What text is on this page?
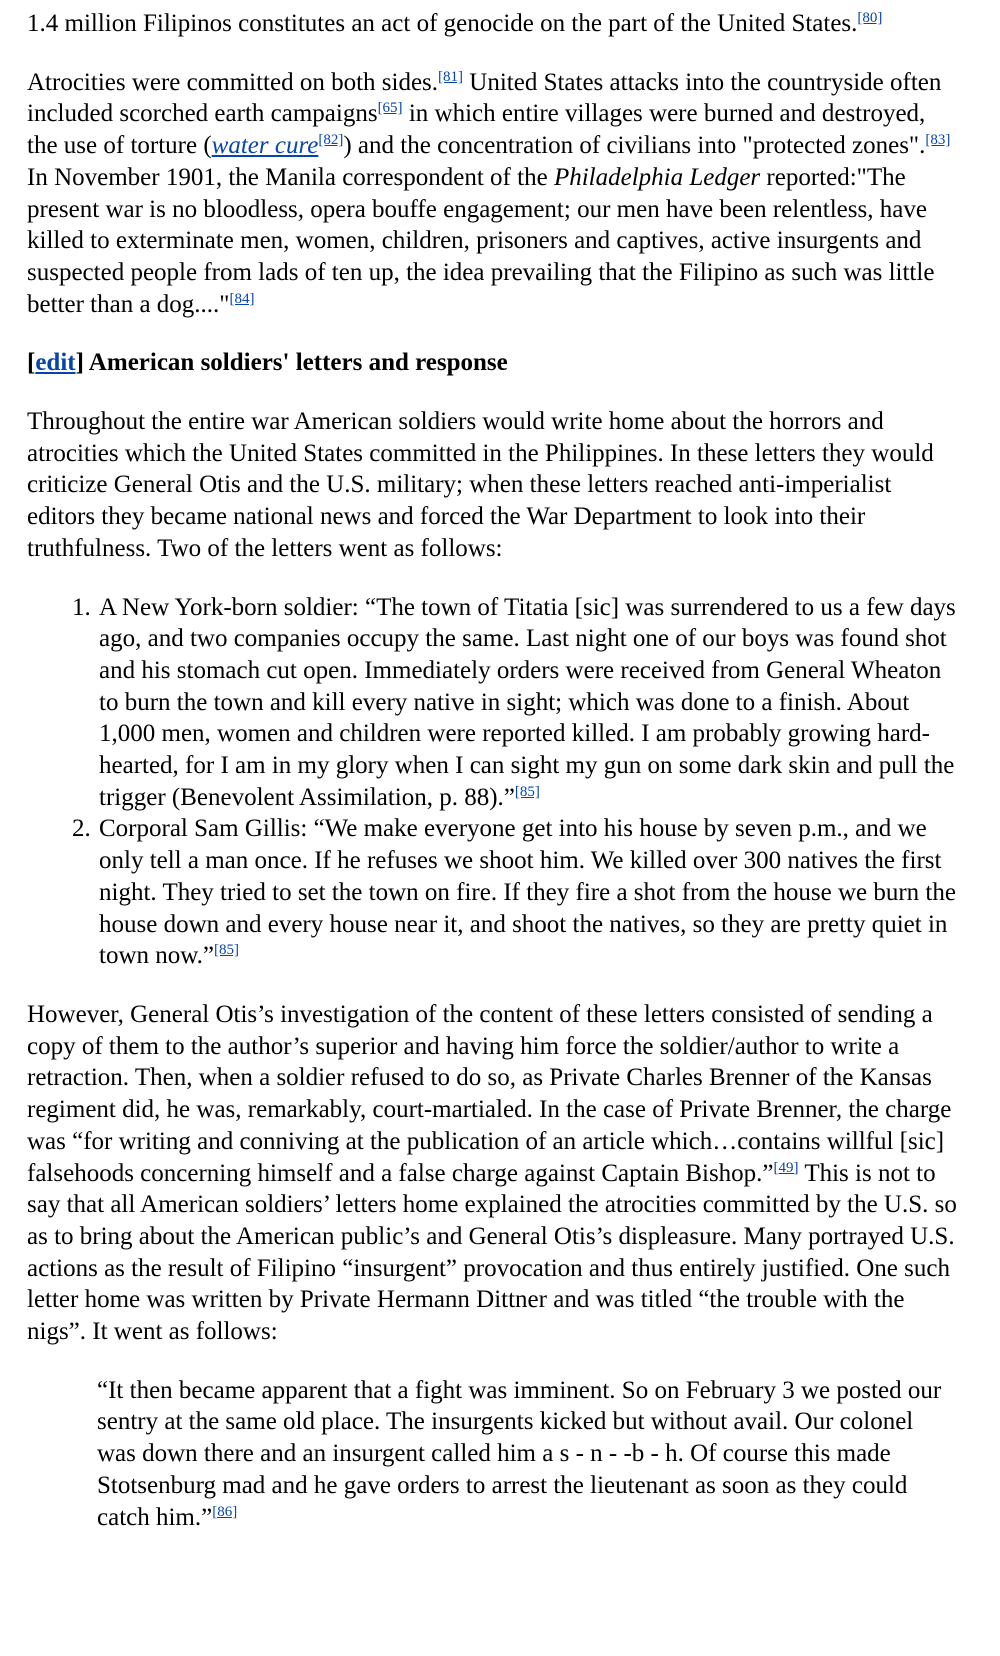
1.4 million Filipinos constitutes an act of genocide on the part of the United States.[80]

Atrocities were committed on both sides.[81] United States attacks into the countryside often included scorched earth campaigns[65] in which entire villages were burned and destroyed, the use of torture (water cure[82]) and the concentration of civilians into "protected zones".[83] In November 1901, the Manila correspondent of the Philadelphia Ledger reported:"The present war is no bloodless, opera bouffe engagement; our men have been relentless, have killed to exterminate men, women, children, prisoners and captives, active insurgents and suspected people from lads of ten up, the idea prevailing that the Filipino as such was little better than a dog...."[84]

[edit] American soldiers' letters and response

Throughout the entire war American soldiers would write home about the horrors and atrocities which the United States committed in the Philippines. In these letters they would criticize General Otis and the U.S. military; when these letters reached anti-imperialist editors they became national news and forced the War Department to look into their truthfulness. Two of the letters went as follows:

1. A New York-born soldier: “The town of Titatia [sic] was surrendered to us a few days ago, and two companies occupy the same. Last night one of our boys was found shot and his stomach cut open. Immediately orders were received from General Wheaton to burn the town and kill every native in sight; which was done to a finish. About 1,000 men, women and children were reported killed. I am probably growing hard-hearted, for I am in my glory when I can sight my gun on some dark skin and pull the trigger (Benevolent Assimilation, p. 88).”[85]
2. Corporal Sam Gillis: “We make everyone get into his house by seven p.m., and we only tell a man once. If he refuses we shoot him. We killed over 300 natives the first night. They tried to set the town on fire. If they fire a shot from the house we burn the house down and every house near it, and shoot the natives, so they are pretty quiet in town now.”[85]

However, General Otis’s investigation of the content of these letters consisted of sending a copy of them to the author’s superior and having him force the soldier/author to write a retraction. Then, when a soldier refused to do so, as Private Charles Brenner of the Kansas regiment did, he was, remarkably, court-martialed. In the case of Private Brenner, the charge was “for writing and conniving at the publication of an article which…contains willful [sic] falsehoods concerning himself and a false charge against Captain Bishop.”[49] This is not to say that all American soldiers’ letters home explained the atrocities committed by the U.S. so as to bring about the American public’s and General Otis’s displeasure. Many portrayed U.S. actions as the result of Filipino “insurgent” provocation and thus entirely justified. One such letter home was written by Private Hermann Dittner and was titled “the trouble with the nigs”. It went as follows:

“It then became apparent that a fight was imminent. So on February 3 we posted our sentry at the same old place. The insurgents kicked but without avail. Our colonel was down there and an insurgent called him a s - n - -b - h. Of course this made Stotsenburg mad and he gave orders to arrest the lieutenant as soon as they could catch him.”[86]
